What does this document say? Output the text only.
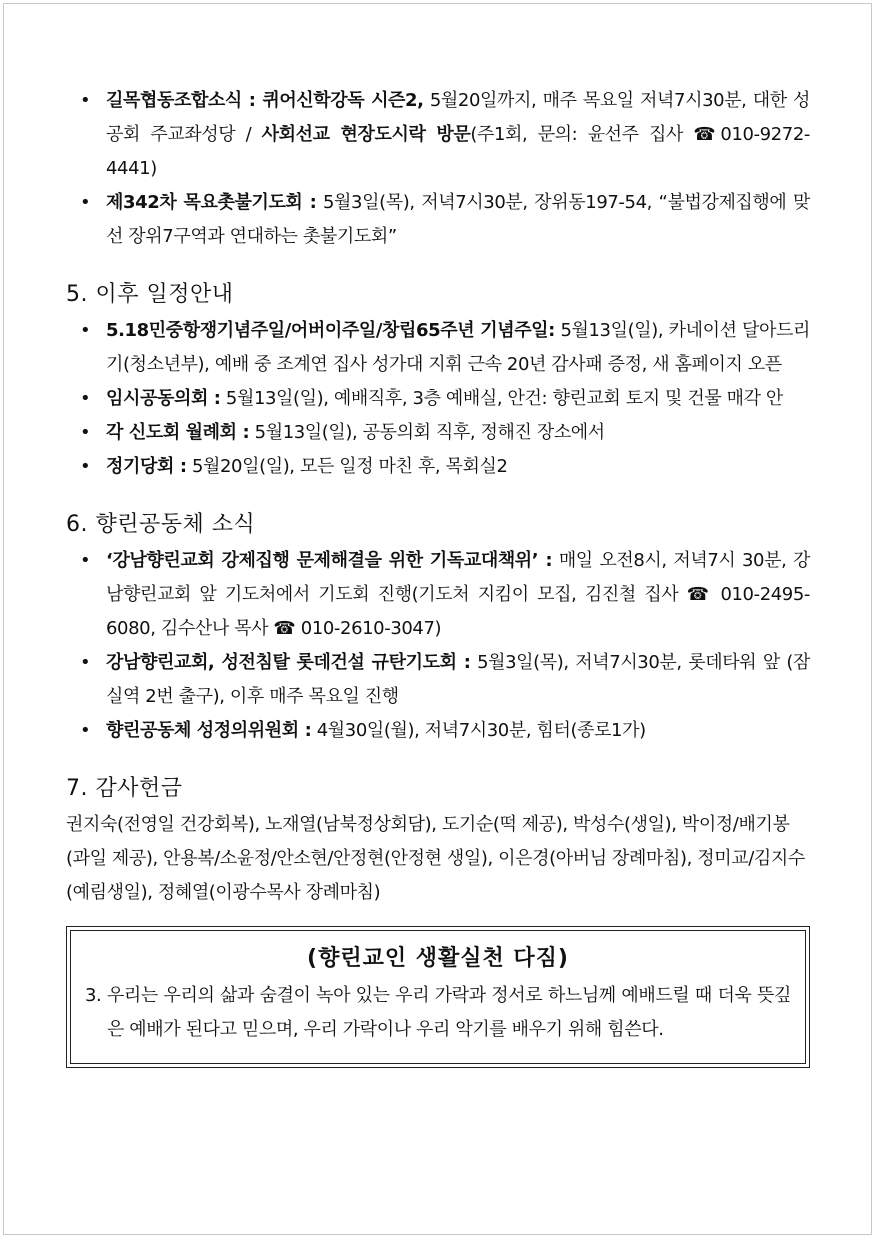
• 길목협동조합소식 : 퀴어신학강독 시즌2, 5월20일까지, 매주 목요일 저녁7시30분, 대한 성공회 주교좌성당 / 사회선교 현장도시락 방문(주1회, 문의: 윤선주 집사 ☎010-9272-4441)
• 제342차 목요촛불기도회 : 5월3일(목), 저녁7시30분, 장위동197-54, “불법강제집행에 맞선 장위7구역과 연대하는 촛불기도회”
5. 이후 일정안내
• 5.18민중항쟁기념주일/어버이주일/창립65주년 기념주일: 5월13일(일), 카네이션 달아드리기(청소년부), 예배 중 조계연 집사 성가대 지휘 근속 20년 감사패 증정, 새 홈페이지 오픈
• 임시공동의회 : 5월13일(일), 예배직후, 3층 예배실, 안건: 향린교회 토지 및 건물 매각 안
• 각 신도회 월례회 : 5월13일(일), 공동의회 직후, 정해진 장소에서
• 정기당회 : 5월20일(일), 모든 일정 마친 후, 목회실2
6. 향린공동체 소식
• ‘강남향린교회 강제집행 문제해결을 위한 기독교대책위’ : 매일 오전8시, 저녁7시 30분, 강남향린교회 앞 기도처에서 기도회 진행(기도처 지킴이 모집, 김진철 집사 ☎ 010-2495-6080, 김수산나 목사 ☎ 010-2610-3047)
• 강남향린교회, 성전침탈 롯데건설 규탄기도회 : 5월3일(목), 저녁7시30분, 롯데타워 앞 (잠실역 2번 출구), 이후 매주 목요일 진행
• 향린공동체 성정의위원회 : 4월30일(월), 저녁7시30분, 힘터(종로1가)
7. 감사헌금
권지숙(전영일 건강회복), 노재열(남북정상회담), 도기순(떡 제공), 박성수(생일), 박이정/배기봉(과일 제공), 안용복/소윤정/안소현/안정현(안정현 생일), 이은경(아버님 장례마침), 정미교/김지수(예림생일), 정혜열(이광수목사 장례마침)
(향린교인 생활실천 다짐)
3. 우리는 우리의 삶과 숨결이 녹아 있는 우리 가락과 정서로 하느님께 예배드릴 때 더욱 뜻깊은 예배가 된다고 믿으며, 우리 가락이나 우리 악기를 배우기 위해 힘쓴다.
